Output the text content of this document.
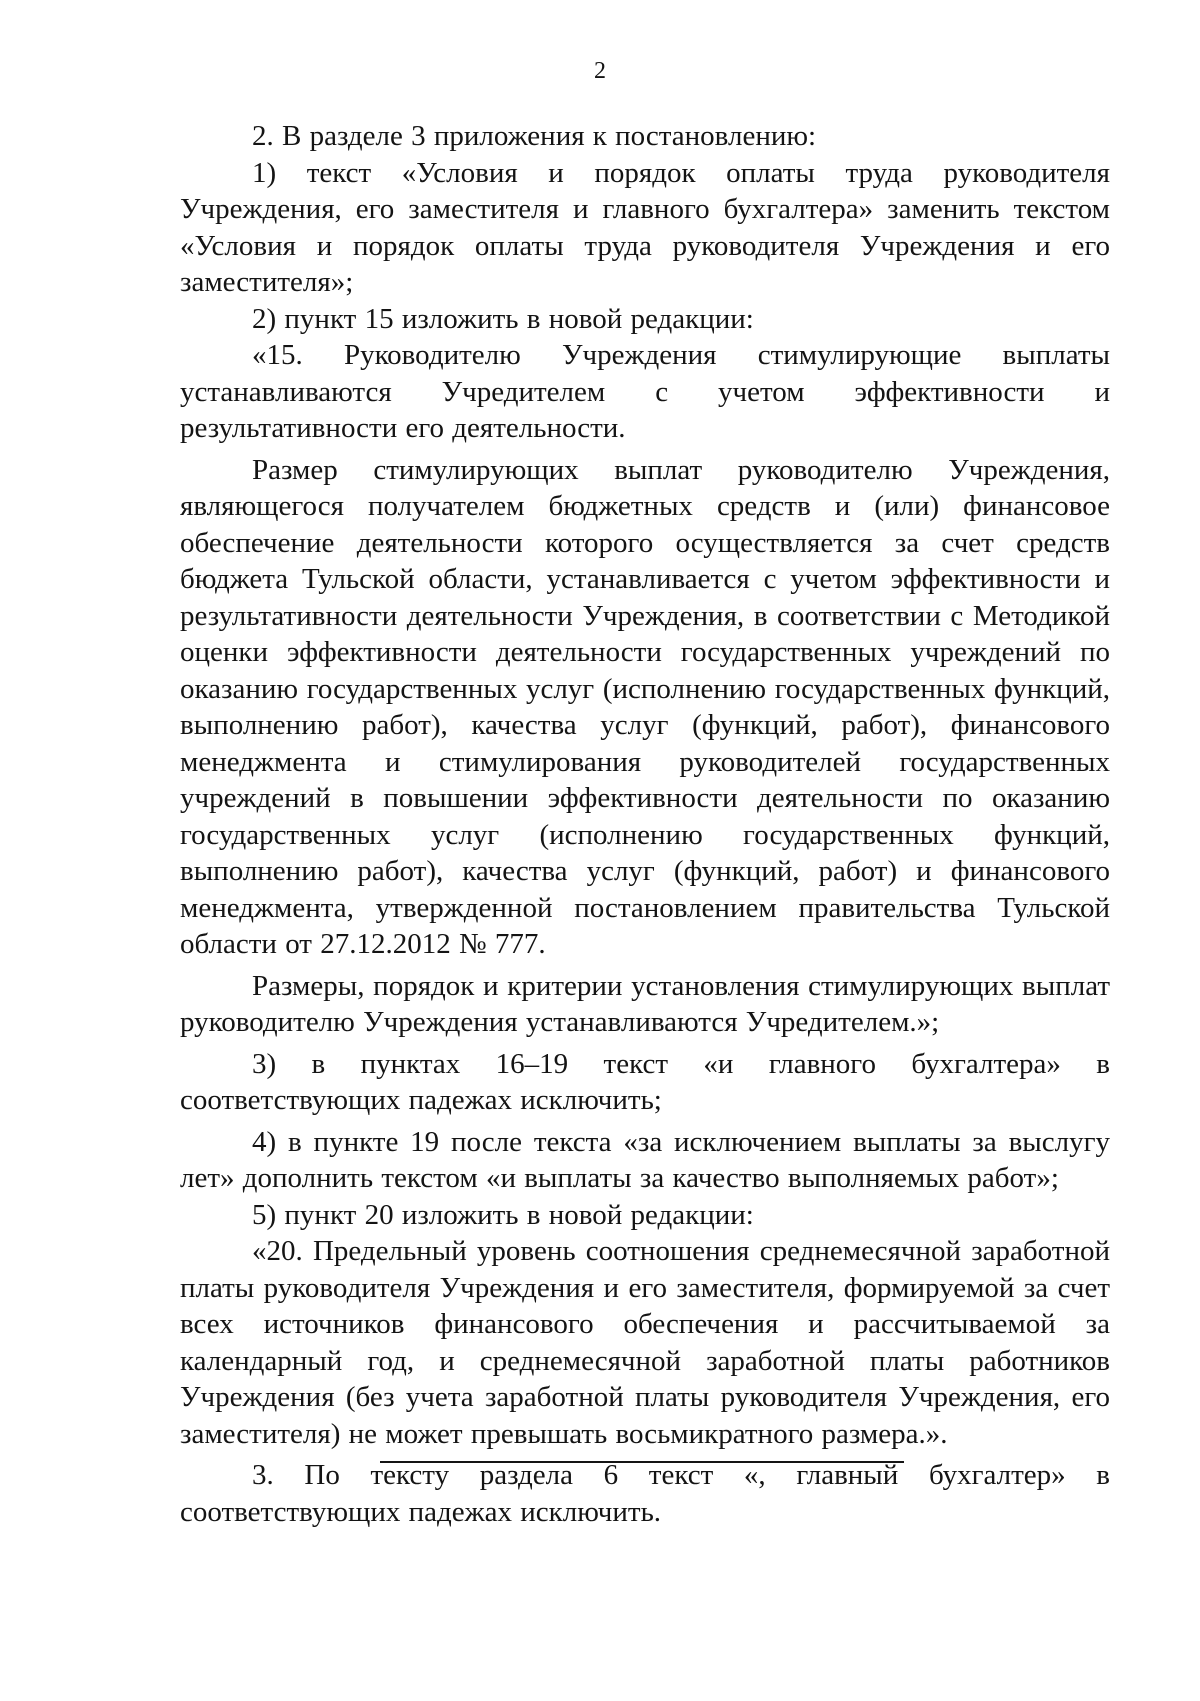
2

2. В разделе 3 приложения к постановлению:

1) текст «Условия и порядок оплаты труда руководителя Учреждения, его заместителя и главного бухгалтера» заменить текстом «Условия и порядок оплаты труда руководителя Учреждения и его заместителя»;

2) пункт 15 изложить в новой редакции:

«15. Руководителю Учреждения стимулирующие выплаты устанавливаются Учредителем с учетом эффективности и результативности его деятельности.

Размер стимулирующих выплат руководителю Учреждения, являющегося получателем бюджетных средств и (или) финансовое обеспечение деятельности которого осуществляется за счет средств бюджета Тульской области, устанавливается с учетом эффективности и результативности деятельности Учреждения, в соответствии с Методикой оценки эффективности деятельности государственных учреждений по оказанию государственных услуг (исполнению государственных функций, выполнению работ), качества услуг (функций, работ), финансового менеджмента и стимулирования руководителей государственных учреждений в повышении эффективности деятельности по оказанию государственных услуг (исполнению государственных функций, выполнению работ), качества услуг (функций, работ) и финансового менеджмента, утвержденной постановлением правительства Тульской области от 27.12.2012 № 777.

Размеры, порядок и критерии установления стимулирующих выплат руководителю Учреждения устанавливаются Учредителем.»;

3) в пунктах 16–19 текст «и главного бухгалтера» в соответствующих падежах исключить;

4) в пункте 19 после текста «за исключением выплаты за выслугу лет» дополнить текстом «и выплаты за качество выполняемых работ»;

5) пункт 20 изложить в новой редакции:

«20. Предельный уровень соотношения среднемесячной заработной платы руководителя Учреждения и его заместителя, формируемой за счет всех источников финансового обеспечения и рассчитываемой за календарный год, и среднемесячной заработной платы работников Учреждения (без учета заработной платы руководителя Учреждения, его заместителя) не может превышать восьмикратного размера.».

3. По тексту раздела 6 текст «, главный бухгалтер» в соответствующих падежах исключить.
